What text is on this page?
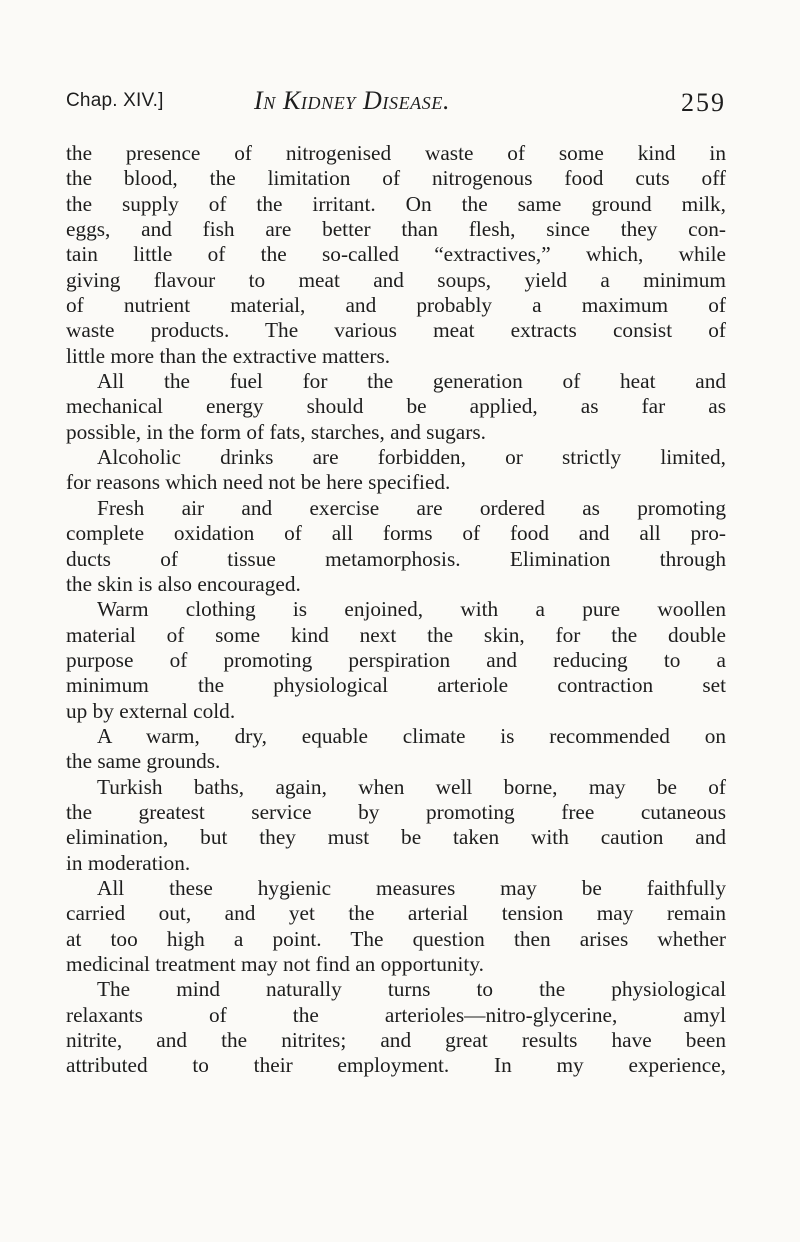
Chap. XIV.]	In Kidney Disease.	259

the presence of nitrogenised waste of some kind in
the blood, the limitation of nitrogenous food cuts off
the supply of the irritant. On the same ground milk,
eggs, and fish are better than flesh, since they con-
tain little of the so-called “extractives,” which, while
giving flavour to meat and soups, yield a minimum
of nutrient material, and probably a maximum of
waste products. The various meat extracts consist of
little more than the extractive matters.

All the fuel for the generation of heat and
mechanical energy should be applied, as far as
possible, in the form of fats, starches, and sugars.

Alcoholic drinks are forbidden, or strictly limited,
for reasons which need not be here specified.

Fresh air and exercise are ordered as promoting
complete oxidation of all forms of food and all pro-
ducts of tissue metamorphosis. Elimination through
the skin is also encouraged.

Warm clothing is enjoined, with a pure woollen
material of some kind next the skin, for the double
purpose of promoting perspiration and reducing to a
minimum the physiological arteriole contraction set
up by external cold.

A warm, dry, equable climate is recommended on
the same grounds.

Turkish baths, again, when well borne, may be of
the greatest service by promoting free cutaneous
elimination, but they must be taken with caution and
in moderation.

All these hygienic measures may be faithfully
carried out, and yet the arterial tension may remain
at too high a point. The question then arises whether
medicinal treatment may not find an opportunity.

The mind naturally turns to the physiological
relaxants of the arterioles—nitro-glycerine, amyl
nitrite, and the nitrites; and great results have been
attributed to their employment. In my experience,
